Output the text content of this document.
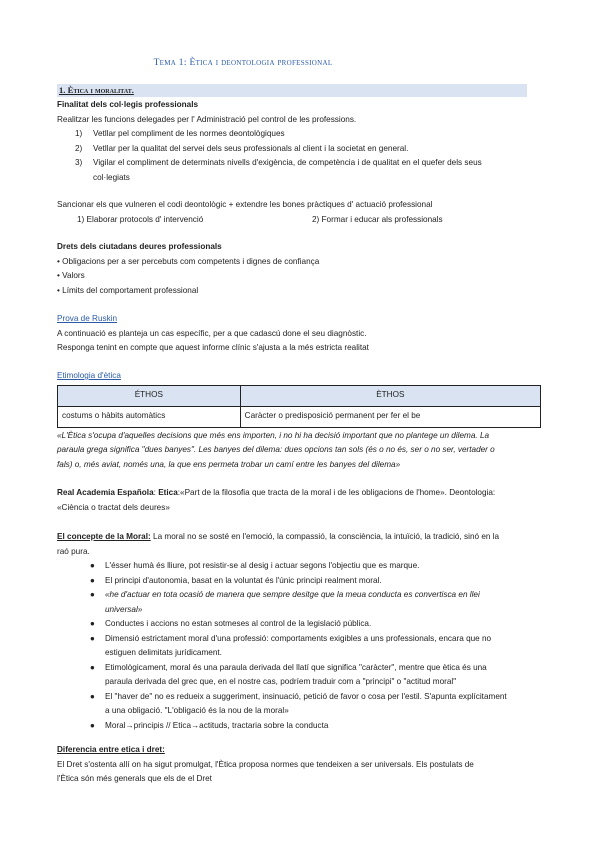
Tema 1: Ètica i deontologia professional
1. Ètica i moralitat.
Finalitat dels col·legis professionals
Realitzar les funcions delegades per l' Administració pel control de les professions.
1) Vetllar pel compliment de les normes deontològiques
2) Vetllar per la qualitat del servei dels seus professionals al client i la societat en general.
3) Vigilar el compliment de determinats nivells d'exigència, de competència i de qualitat en el quefer dels seus
col·legiats
Sancionar els que vulneren el codi deontològic + extendre les bones pràctiques d' actuació professional
1) Elaborar protocols d' intervenció	2) Formar i educar als professionals
Drets dels ciutadans deures professionals
• Obligacions per a ser percebuts com competents i dignes de confiança
• Valors
• Límits del comportament professional
Prova de Ruskin
A continuació es planteja un cas específic, per a que cadascú done el seu diagnòstic.
Responga tenint en compte que aquest informe clínic s'ajusta a la més estricta realitat
Etimologia d'ètica
ÉTHOS	ÈTHOS
costums o hàbits automàtics	Caràcter o predisposició permanent per fer el be
«L'Ètica s'ocupa d'aquelles decisions que més ens importen, i no hi ha decisió important que no plantege un dilema. La
paraula grega significa "dues banyes". Les banyes del dilema: dues opcions tan sols (és o no és, ser o no ser, vertader o
fals) o, més aviat, només una, la que ens permeta trobar un camí entre les banyes del dilema»
Real Academia Española: Etica:«Part de la filosofia que tracta de la moral i de les obligacions de l'home». Deontologia:
«Ciència o tractat dels deures»
El concepte de la Moral: La moral no se sosté en l'emoció, la compassió, la consciència, la intuïció, la tradició, sinó en la
raó pura.
● L'ésser humà és lliure, pot resistir-se al desig i actuar segons l'objectiu que es marque.
● El principi d'autonomia, basat en la voluntat és l'únic principi realment moral.
● «he d'actuar en tota ocasió de manera que sempre desitge que la meua conducta es convertisca en llei
universal»
● Conductes i accions no estan sotmeses al control de la legislació pública.
● Dimensió estrictament moral d'una professió: comportaments exigibles a uns professionals, encara que no
estiguen delimitats jurídicament.
● Etimològicament, moral és una paraula derivada del llatí que significa "caràcter", mentre que ètica és una
paraula derivada del grec que, en el nostre cas, podríem traduir com a "principi" o "actitud moral"
● El "haver de" no es redueix a suggeriment, insinuació, petició de favor o cosa per l'estil. S'apunta explícitament
a una obligació. "L'obligació és la nou de la moral»
● Moral→principis // Etica→actituds, tractaria sobre la conducta
Diferencia entre etica i dret:
El Dret s'ostenta allí on ha sigut promulgat, l'Ètica proposa normes que tendeixen a ser universals. Els postulats de
l'Ètica són més generals que els de el Dret
